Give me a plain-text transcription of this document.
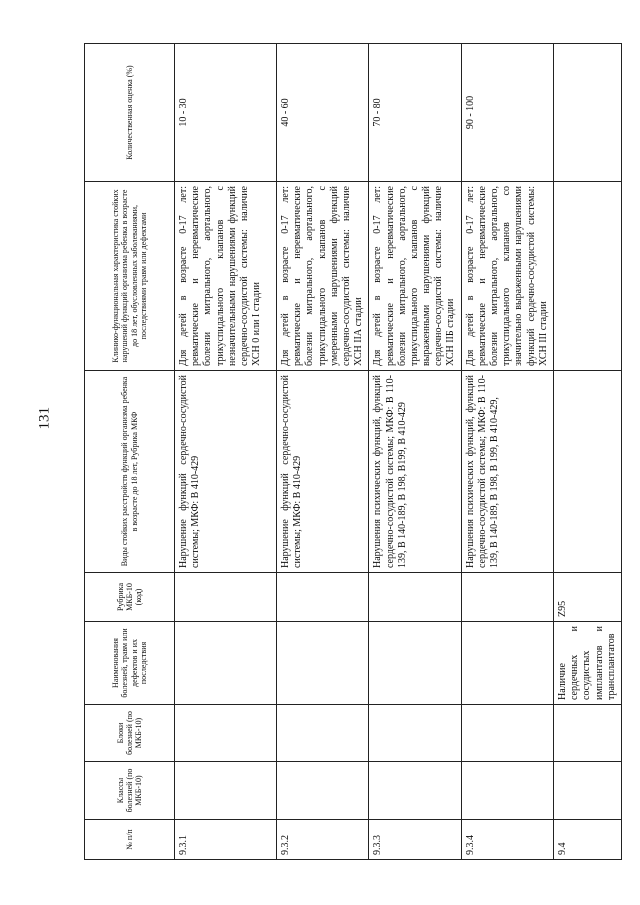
131
№ п/п	Классы болезней (по МКБ-10)	Блоки болезней (по МКБ-10)	Наименования болезней, травм или дефектов и их последствия	Рубрика МКБ-10 (код)	Виды стойких расстройств функций организма ребенка в возрасте до 18 лет, Рубрика МКФ	Клинико-функциональная характеристика стойких нарушений функций организма ребенка в возрасте до 18 лет, обусловленных заболеваниями, последствиями травм или дефектами	Количественная оценка (%)
9.3.1					Нарушение функций сердечно-сосудистой системы; МКФ: В 410-429	Для детей в возрасте 0-17 лет: ревматические и неревматические болезни митрального, аортального, трикуспидального клапанов с незначительными нарушениями функций сердечно-сосудистой системы: наличие ХСН 0 или I стадии	10 - 30
9.3.2					Нарушение функций сердечно-сосудистой системы; МКФ: В 410-429	Для детей в возрасте 0-17 лет: ревматические и неревматические болезни митрального, аортального, трикуспидального клапанов с умеренными нарушениями функций сердечно-сосудистой системы: наличие ХСН IIА стадии	40 - 60
9.3.3					Нарушения психических функций, функций сердечно-сосудистой системы; МКФ: В 110-139, В 140-189, В 198, В199, В 410-429	Для детей в возрасте 0-17 лет: ревматические и неревматические болезни митрального, аортального, трикуспидального клапанов с выраженными нарушениями функций сердечно-сосудистой системы: наличие ХСН IIБ стадии	70 - 80
9.3.4					Нарушения психических функций, функций сердечно-сосудистой системы; МКФ: В 110-139, В 140-189, В 198, В 199, В 410-429,	Для детей в возрасте 0-17 лет: ревматические и неревматические болезни митрального, аортального, трикуспидального клапанов со значительно выраженными нарушениями функций сердечно-сосудистой системы: ХСН III стадии	90 - 100
9.4			Наличие сердечных и сосудистых имплантатов и трансплантатов	Z95			
